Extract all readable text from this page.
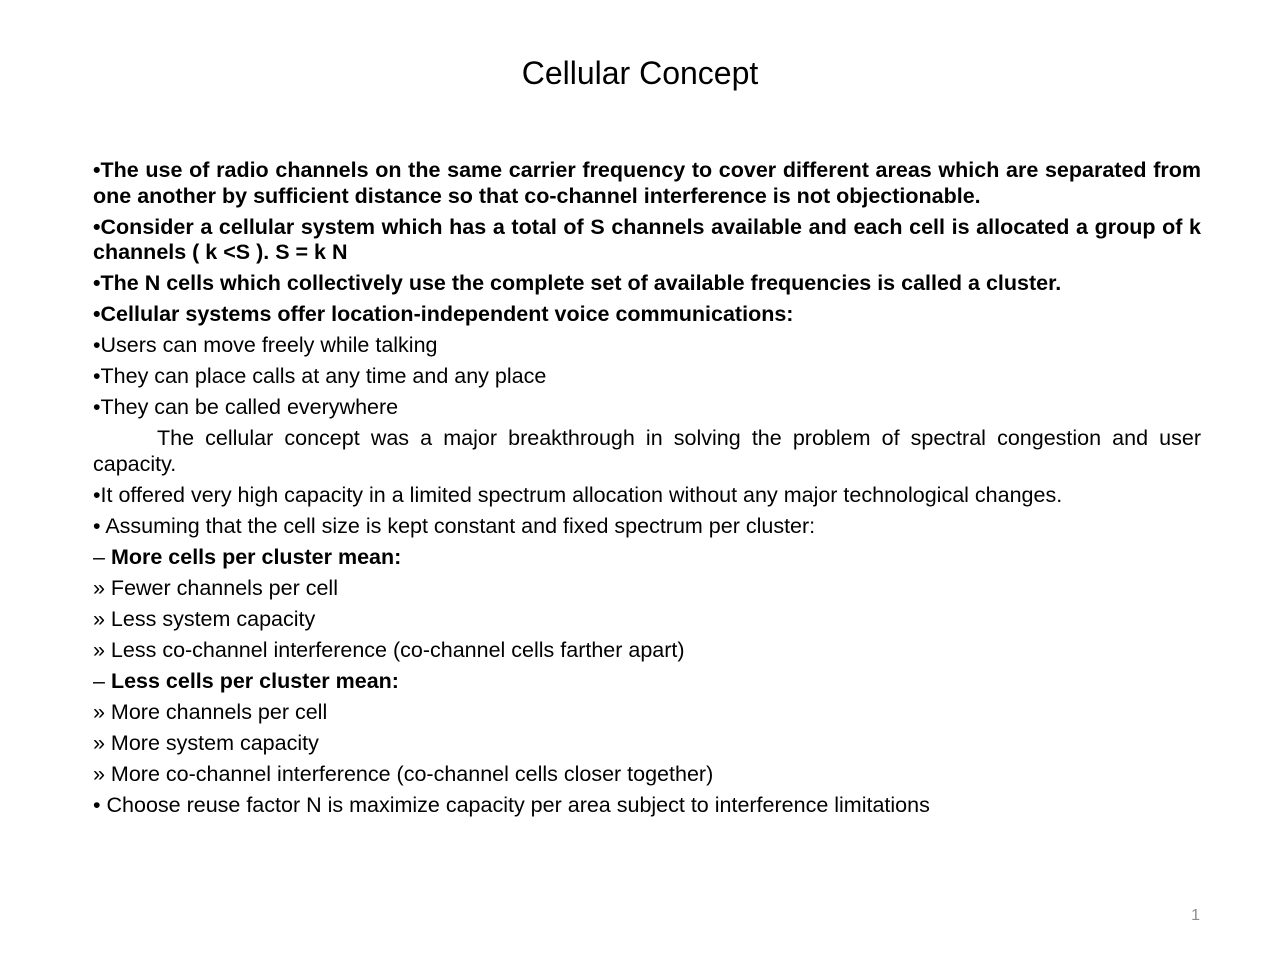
Cellular Concept

•The use of radio channels on the same carrier frequency to cover different areas which are separated from one another by sufficient distance so that co-channel interference is not objectionable.

•Consider a cellular system which has a total of S channels available and each cell is allocated a group of k channels ( k <S ). S = k N

•The N cells which collectively use the complete set of available frequencies is called a cluster.

•Cellular systems offer location-independent voice communications:

•Users can move freely while talking

•They can place calls at any time and any place

•They can be called everywhere

The cellular concept was a major breakthrough in solving the problem of spectral congestion and user capacity.

•It offered very high capacity in a limited spectrum allocation without any major technological changes.

• Assuming that the cell size is kept constant and fixed spectrum per cluster:

– More cells per cluster mean:

» Fewer channels per cell

» Less system capacity

» Less co-channel interference (co-channel cells farther apart)

– Less cells per cluster mean:

» More channels per cell

» More system capacity

» More co-channel interference (co-channel cells closer together)

• Choose reuse factor N is maximize capacity per area subject to interference limitations

1
